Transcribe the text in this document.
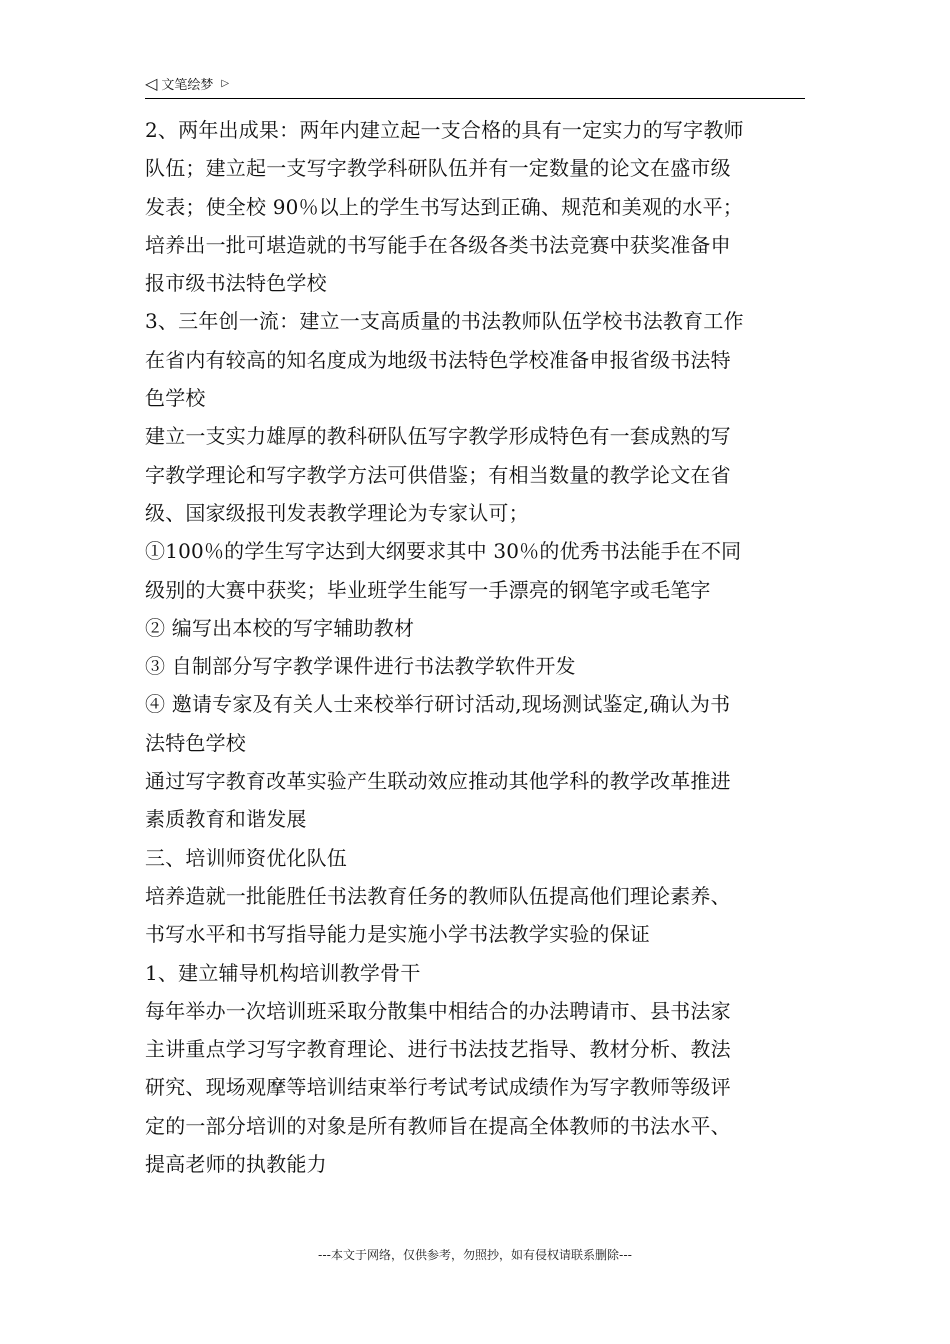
◁ 文笔绘梦 ▷

2、两年出成果：两年内建立起一支合格的具有一定实力的写字教师

队伍；建立起一支写字教学科研队伍并有一定数量的论文在盛市级

发表；使全校 90％以上的学生书写达到正确、规范和美观的水平；

培养出一批可堪造就的书写能手在各级各类书法竞赛中获奖准备申

报市级书法特色学校

3、三年创一流：建立一支高质量的书法教师队伍学校书法教育工作

在省内有较高的知名度成为地级书法特色学校准备申报省级书法特

色学校

建立一支实力雄厚的教科研队伍写字教学形成特色有一套成熟的写

字教学理论和写字教学方法可供借鉴；有相当数量的教学论文在省

级、国家级报刊发表教学理论为专家认可；

①100％的学生写字达到大纲要求其中 30％的优秀书法能手在不同

级别的大赛中获奖；毕业班学生能写一手漂亮的钢笔字或毛笔字

② 编写出本校的写字辅助教材

③ 自制部分写字教学课件进行书法教学软件开发

④ 邀请专家及有关人士来校举行研讨活动,现场测试鉴定,确认为书

法特色学校

通过写字教育改革实验产生联动效应推动其他学科的教学改革推进

素质教育和谐发展

三、培训师资优化队伍

培养造就一批能胜任书法教育任务的教师队伍提高他们理论素养、

书写水平和书写指导能力是实施小学书法教学实验的保证

1、建立辅导机构培训教学骨干

每年举办一次培训班采取分散集中相结合的办法聘请市、县书法家

主讲重点学习写字教育理论、进行书法技艺指导、教材分析、教法

研究、现场观摩等培训结束举行考试考试成绩作为写字教师等级评

定的一部分培训的对象是所有教师旨在提高全体教师的书法水平、

提高老师的执教能力

---本文于网络，仅供参考，勿照抄，如有侵权请联系删除---
